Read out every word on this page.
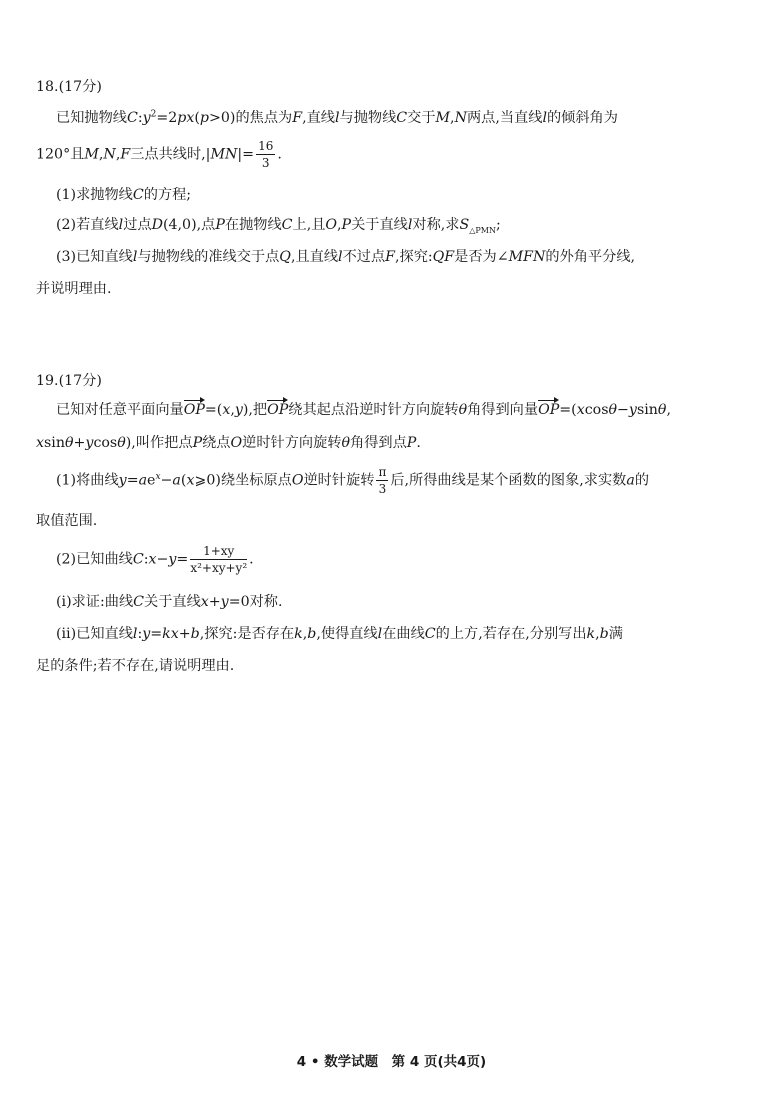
18.(17分)
已知抛物线$C:y^2=2px(p>0)$的焦点为F,直线l与抛物线C交于M,N两点,当直线l的倾斜角为
120°且M,N,F三点共线时$,|MN|= \frac{16}{3}$ .
(1)求抛物线C的方程;
(2)若直线l过点D(4,0),点P在抛物线C上,且O,P关于直线l对称,求$S_{\triangle PMN}$;
(3)已知直线l与抛物线的准线交于点Q,且直线l不过点F,探究:QF是否为∠MFN的外角平分线,
并说明理由.
19.(17分)
已知对任意平面向量OP=(x,y),把OP绕其起点沿逆时针方向旋转θ角得到向量OP=(xcosθ−ysinθ,
xsinθ+ycosθ),叫作把点P绕点O逆时针方向旋转θ角得到点P.
(1)将曲线$y=ae^x-a(x⩾0)$绕坐标原点O逆时针旋转 $\frac{\pi}{3}$ 后,所得曲线是某个函数的图象,求实数a的
取值范围.
(2)已知曲线C:x−y= $\frac{1+xy}{\text{x²+xy+y²}}$ .
(ⅰ)求证:曲线C关于直线x+y=0对称.
(ⅱ)已知直线l:y=kx+b,探究:是否存在k,b,使得直线l在曲线C的上方,若存在,分别写出k,b满
足的条件;若不存在,请说明理由.
4 • 数学试题　第 4 页(共4页)
